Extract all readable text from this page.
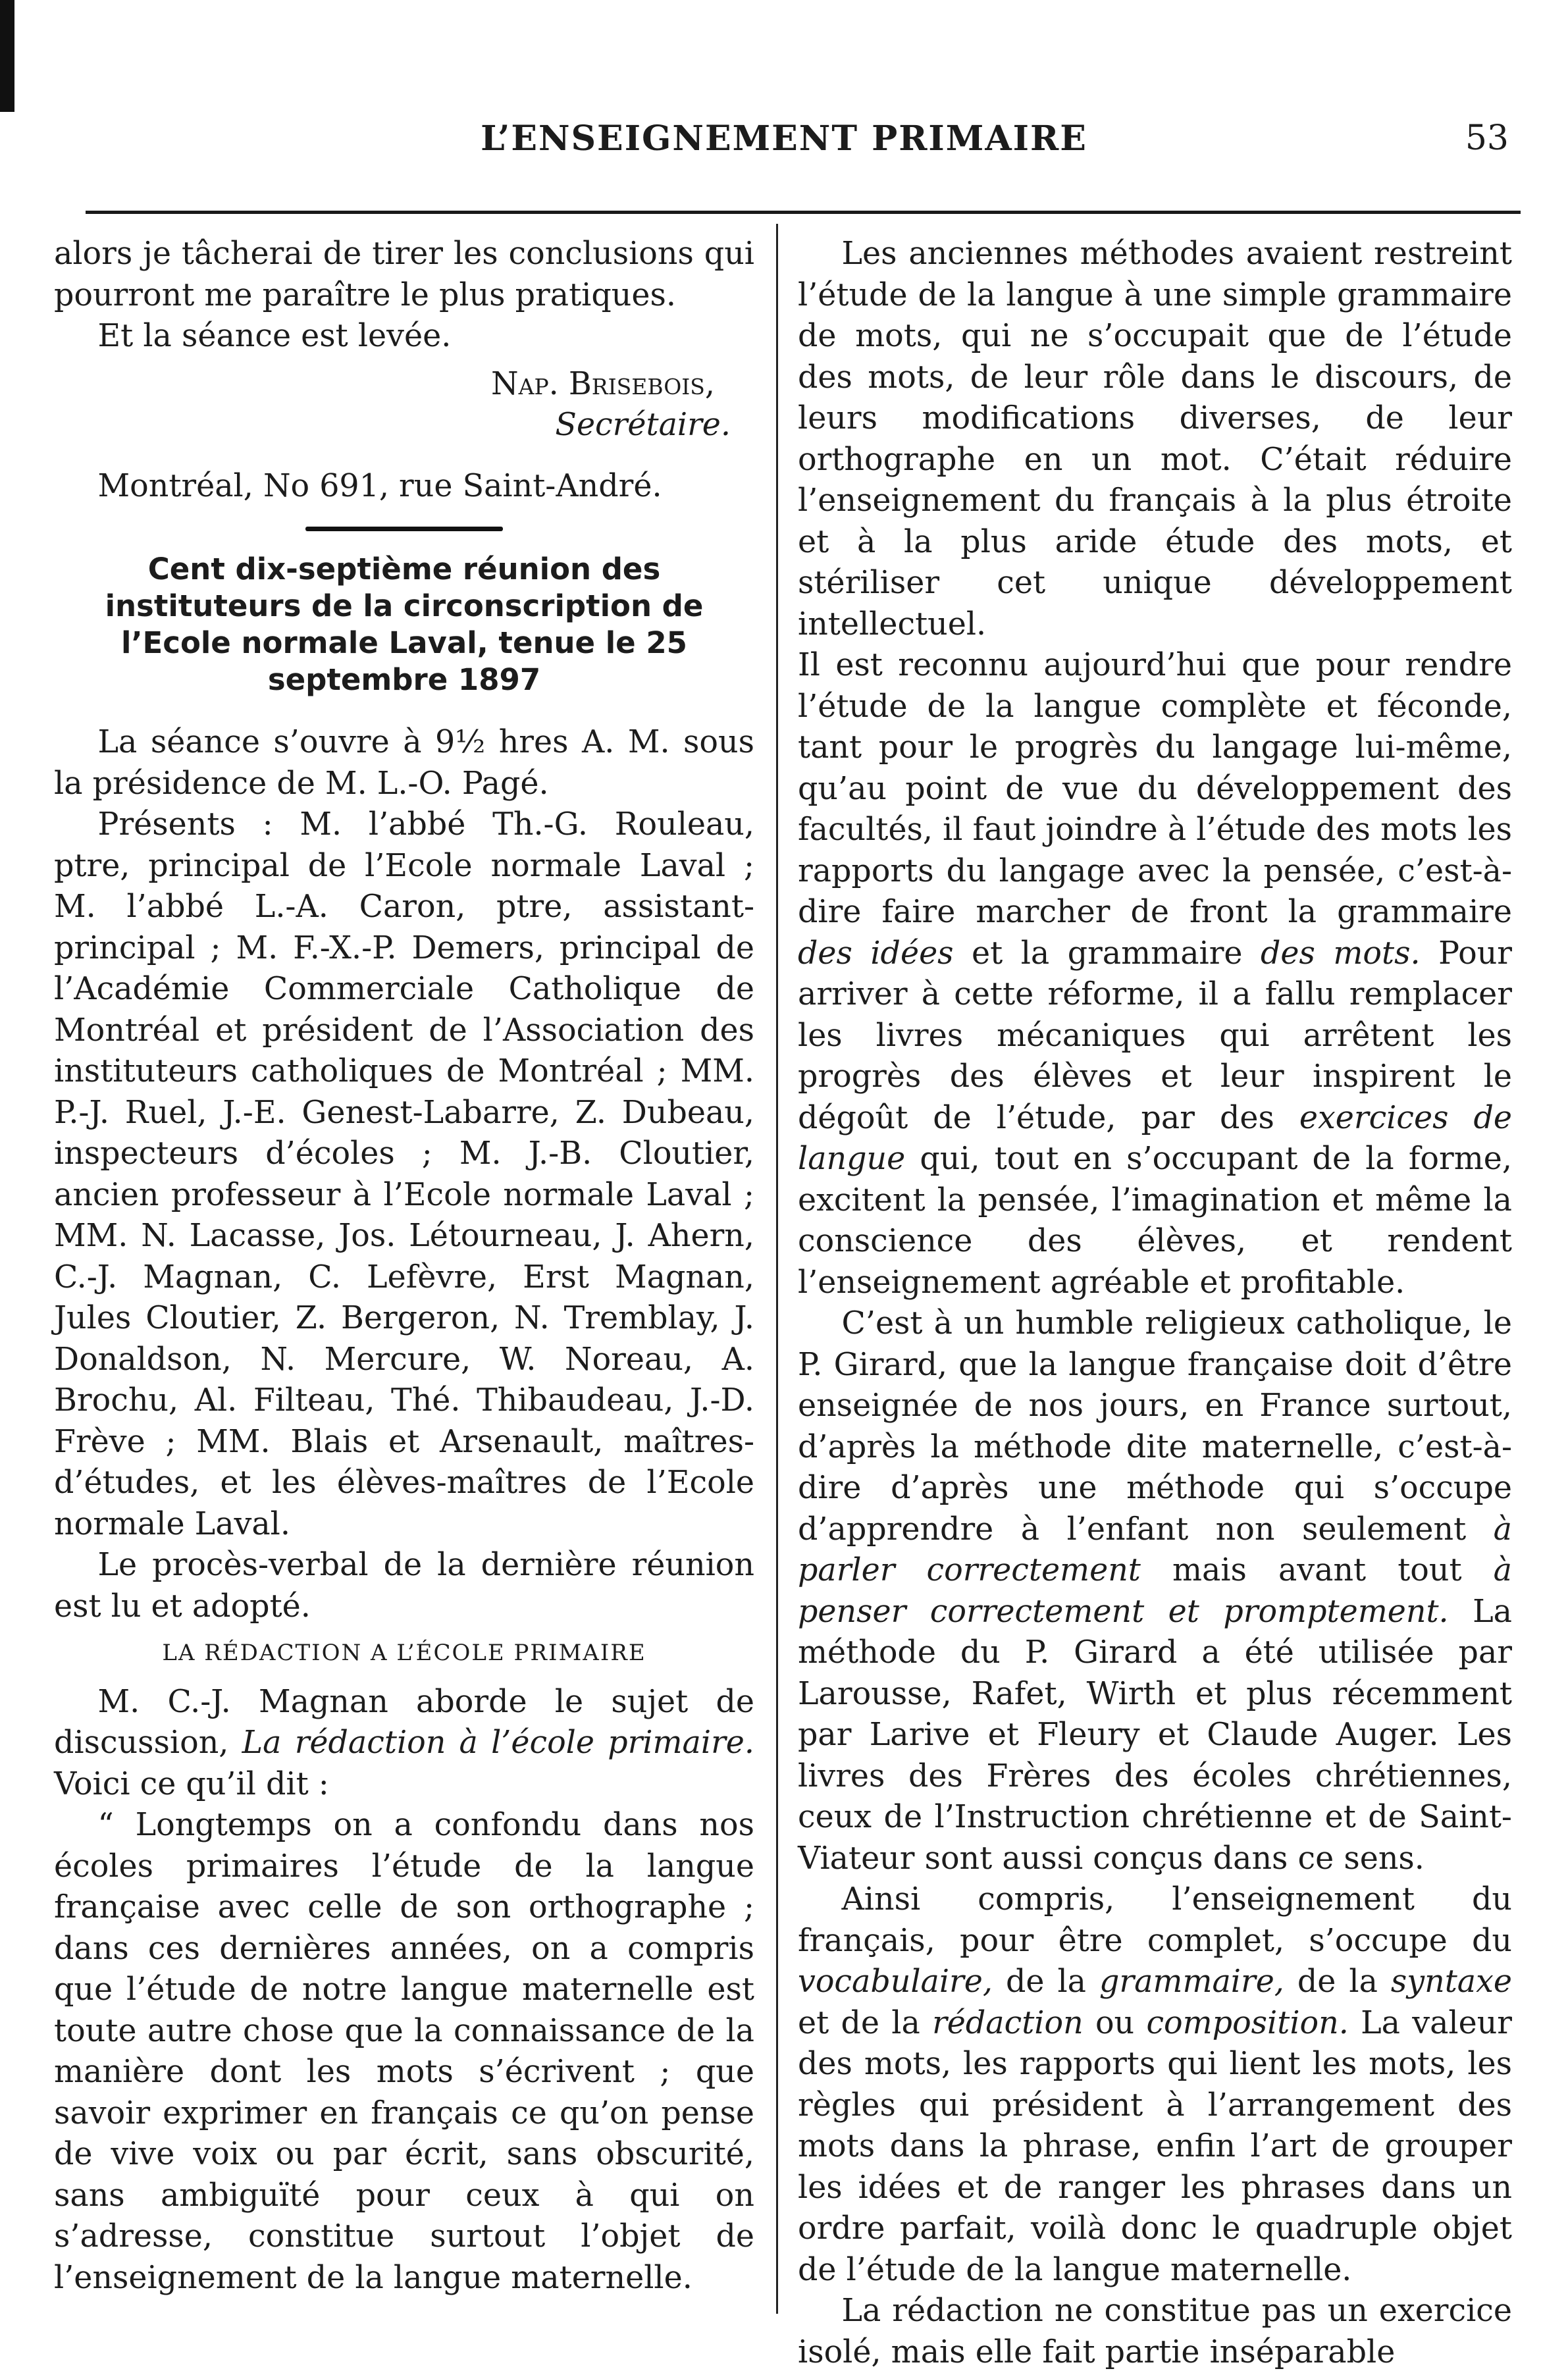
L’ENSEIGNEMENT PRIMAIRE	53

alors je tâcherai de tirer les conclusions qui pourront me paraître le plus pratiques.

Et la séance est levée.

Nap. Brisebois,
Secrétaire.
Montréal, No 691, rue Saint-André.
Cent dix-septième réunion des instituteurs de la circonscription de l’Ecole normale Laval, tenue le 25 septembre 1897

La séance s’ouvre à 9½ hres A. M. sous la présidence de M. L.-O. Pagé.

Présents : M. l’abbé Th.-G. Rouleau, ptre, principal de l’Ecole normale Laval ; M. l’abbé L.-A. Caron, ptre, assistant-principal ; M. F.-X.-P. Demers, principal de l’Académie Commerciale Catholique de Montréal et président de l’Association des instituteurs catholiques de Montréal ; MM. P.-J. Ruel, J.-E. Genest-Labarre, Z. Dubeau, inspecteurs d’écoles ; M. J.-B. Cloutier, ancien professeur à l’Ecole normale Laval ; MM. N. Lacasse, Jos. Létourneau, J. Ahern, C.-J. Magnan, C. Lefèvre, Erst Magnan, Jules Cloutier, Z. Bergeron, N. Tremblay, J. Donaldson, N. Mercure, W. Noreau, A. Brochu, Al. Filteau, Thé. Thibaudeau, J.-D. Frève ; MM. Blais et Arsenault, maîtres-d’études, et les élèves-maîtres de l’Ecole normale Laval.

Le procès-verbal de la dernière réunion est lu et adopté.

LA RÉDACTION A L’ÉCOLE PRIMAIRE

M. C.-J. Magnan aborde le sujet de discussion, La rédaction à l’école primaire. Voici ce qu’il dit :

“ Longtemps on a confondu dans nos écoles primaires l’étude de la langue française avec celle de son orthographe ; dans ces dernières années, on a compris que l’étude de notre langue maternelle est toute autre chose que la connaissance de la manière dont les mots s’écrivent ; que savoir exprimer en français ce qu’on pense de vive voix ou par écrit, sans obscurité, sans ambiguïté pour ceux à qui on s’adresse, constitue surtout l’objet de l’enseignement de la langue maternelle.

Les anciennes méthodes avaient restreint l’étude de la langue à une simple grammaire de mots, qui ne s’occupait que de l’étude des mots, de leur rôle dans le discours, de leurs modifications diverses, de leur orthographe en un mot. C’était réduire l’enseignement du français à la plus étroite et à la plus aride étude des mots, et stériliser cet unique développement intellectuel.

Il est reconnu aujourd’hui que pour rendre l’étude de la langue complète et féconde, tant pour le progrès du langage lui-même, qu’au point de vue du développement des facultés, il faut joindre à l’étude des mots les rapports du langage avec la pensée, c’est-à-dire faire marcher de front la grammaire des idées et la grammaire des mots. Pour arriver à cette réforme, il a fallu remplacer les livres mécaniques qui arrêtent les progrès des élèves et leur inspirent le dégoût de l’étude, par des exercices de langue qui, tout en s’occupant de la forme, excitent la pensée, l’imagination et même la conscience des élèves, et rendent l’enseignement agréable et profitable.

C’est à un humble religieux catholique, le P. Girard, que la langue française doit d’être enseignée de nos jours, en France surtout, d’après la méthode dite maternelle, c’est-à-dire d’après une méthode qui s’occupe d’apprendre à l’enfant non seulement à parler correctement mais avant tout à penser correctement et promptement. La méthode du P. Girard a été utilisée par Larousse, Rafet, Wirth et plus récemment par Larive et Fleury et Claude Auger. Les livres des Frères des écoles chrétiennes, ceux de l’Instruction chrétienne et de Saint-Viateur sont aussi conçus dans ce sens.

Ainsi compris, l’enseignement du français, pour être complet, s’occupe du vocabulaire, de la grammaire, de la syntaxe et de la rédaction ou composition. La valeur des mots, les rapports qui lient les mots, les règles qui président à l’arrangement des mots dans la phrase, enfin l’art de grouper les idées et de ranger les phrases dans un ordre parfait, voilà donc le quadruple objet de l’étude de la langue maternelle.

La rédaction ne constitue pas un exercice isolé, mais elle fait partie inséparable
